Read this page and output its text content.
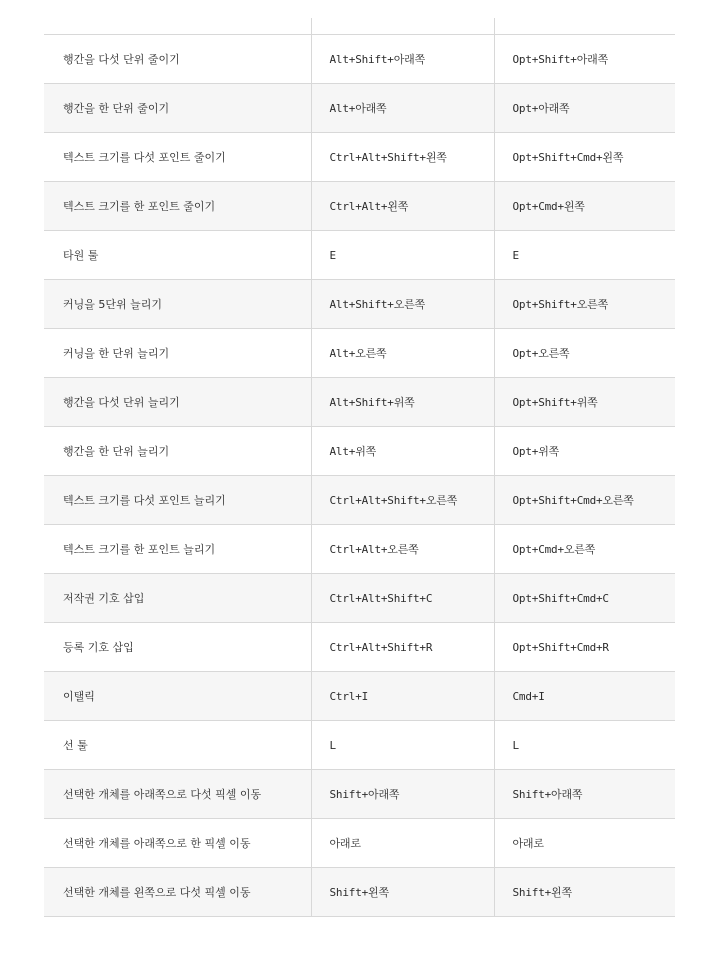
행간을 다섯 단위 줄이기	Alt+Shift+아래쪽	Opt+Shift+아래쪽
행간을 한 단위 줄이기	Alt+아래쪽	Opt+아래쪽
텍스트 크기를 다섯 포인트 줄이기	Ctrl+Alt+Shift+왼쪽	Opt+Shift+Cmd+왼쪽
텍스트 크기를 한 포인트 줄이기	Ctrl+Alt+왼쪽	Opt+Cmd+왼쪽
타원 툴	E	E
커닝을 5단위 늘리기	Alt+Shift+오른쪽	Opt+Shift+오른쪽
커닝을 한 단위 늘리기	Alt+오른쪽	Opt+오른쪽
행간을 다섯 단위 늘리기	Alt+Shift+위쪽	Opt+Shift+위쪽
행간을 한 단위 늘리기	Alt+위쪽	Opt+위쪽
텍스트 크기를 다섯 포인트 늘리기	Ctrl+Alt+Shift+오른쪽	Opt+Shift+Cmd+오른쪽
텍스트 크기를 한 포인트 늘리기	Ctrl+Alt+오른쪽	Opt+Cmd+오른쪽
저작권 기호 삽입	Ctrl+Alt+Shift+C	Opt+Shift+Cmd+C
등록 기호 삽입	Ctrl+Alt+Shift+R	Opt+Shift+Cmd+R
이탤릭	Ctrl+I	Cmd+I
선 툴	L	L
선택한 개체를 아래쪽으로 다섯 픽셀 이동	Shift+아래쪽	Shift+아래쪽
선택한 개체를 아래쪽으로 한 픽셀 이동	아래로	아래로
선택한 개체를 왼쪽으로 다섯 픽셀 이동	Shift+왼쪽	Shift+왼쪽
